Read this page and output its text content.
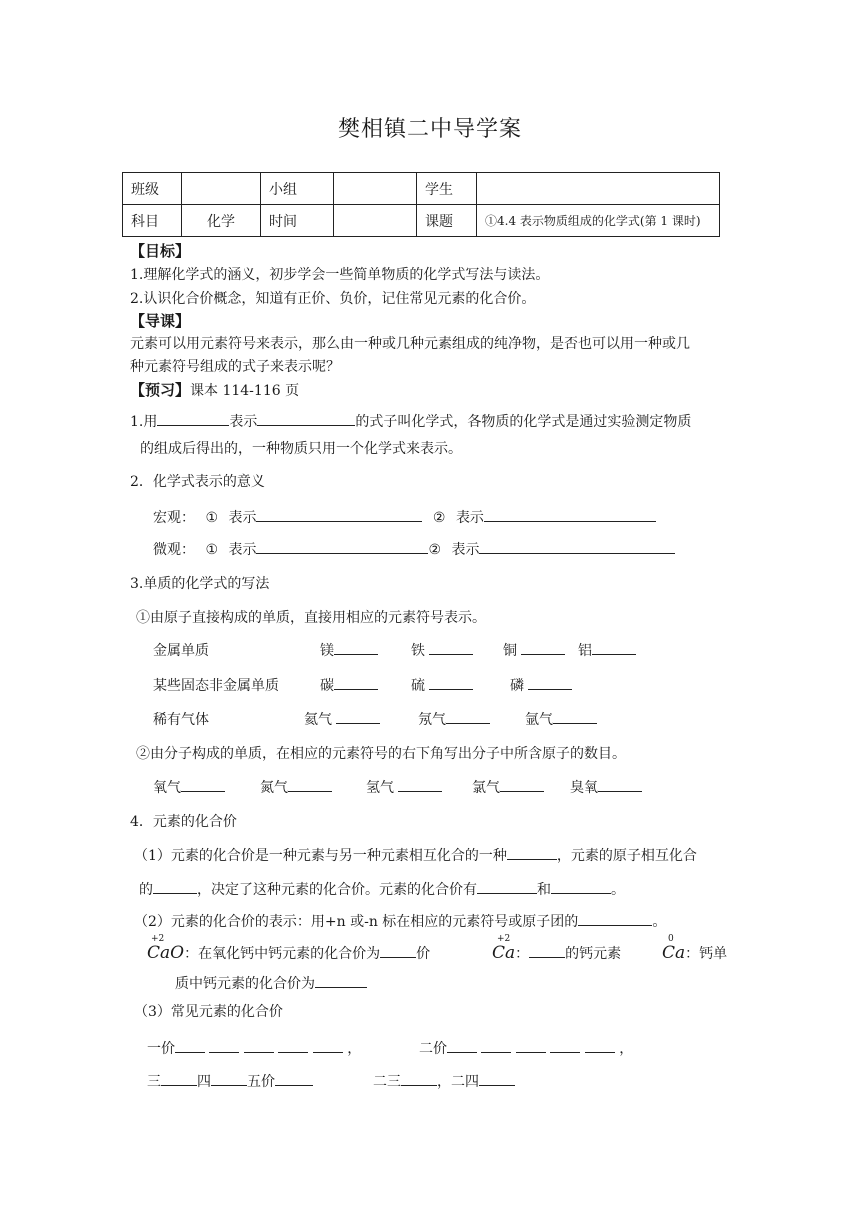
樊相镇二中导学案
班级		小组		学生	
科目	化学	时间		课题	①4.4 表示物质组成的化学式(第 1 课时)
【目标】
1.理解化学式的涵义，初步学会一些简单物质的化学式写法与读法。
2.认识化合价概念，知道有正价、负价，记住常见元素的化合价。
【导课】
元素可以用元素符号来表示，那么由一种或几种元素组成的纯净物，是否也可以用一种或几
种元素符号组成的式子来表示呢？
【预习】课本 114-116 页
1.用	表示	的式子叫化学式，各物质的化学式是通过实验测定物质
的组成后得出的，一种物质只用一个化学式来表示。
2．化学式表示的意义
宏观： ① 表示	② 表示
微观： ① 表示	② 表示
3.单质的化学式的写法
①由原子直接构成的单质，直接用相应的元素符号表示。
金属单质	镁	铁	铜	铝
某些固态非金属单质	碳	硫	磷
稀有气体	氦气	氖气	氩气
②由分子构成的单质，在相应的元素符号的右下角写出分子中所含原子的数目。
氧气	氮气	氢气	氯气	臭氧
4．元素的化合价
（1）元素的化合价是一种元素与另一种元素相互化合的一种	，元素的原子相互化合
的	，决定了这种元素的化合价。元素的化合价有	和	。
（2）元素的化合价的表示：用+n 或-n 标在相应的元素符号或原子团的	。
+2
CaO：在氧化钙中钙元素的化合价为	价
+2
Ca：	的钙元素
0
Ca：钙单
质中钙元素的化合价为
（3）常见元素的化合价
一价	，	二价	，
三	四	五价	二三	，二四
